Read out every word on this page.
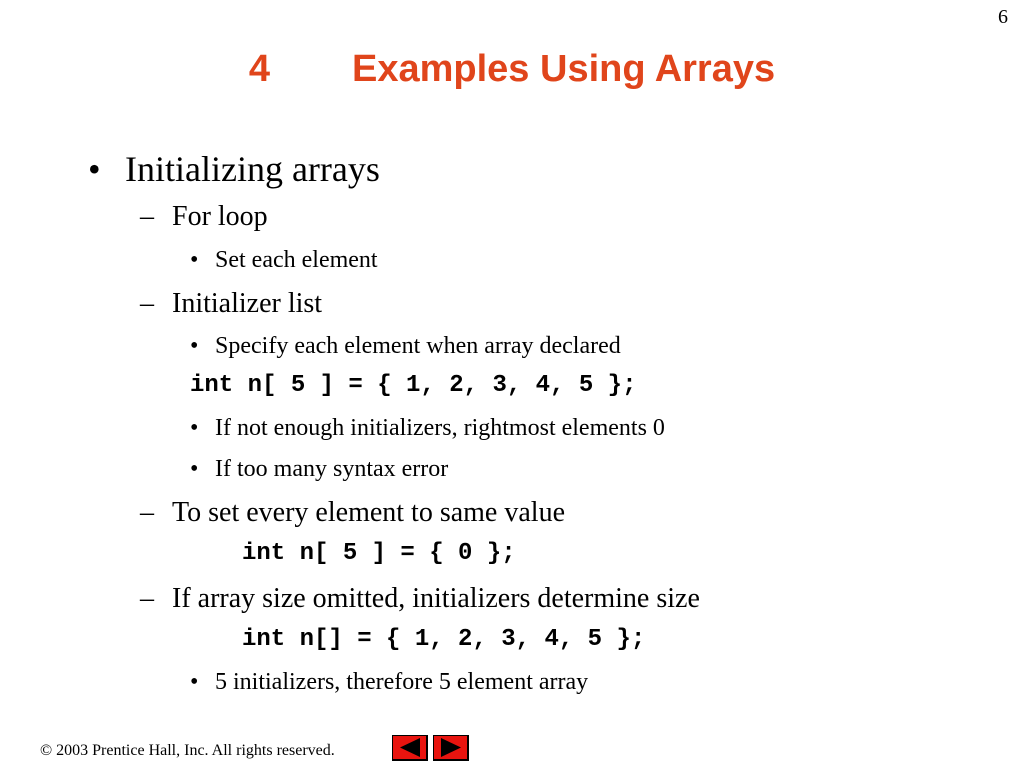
6
4 Examples Using Arrays
• Initializing arrays
– For loop
• Set each element
– Initializer list
• Specify each element when array declared
int n[ 5 ] = { 1, 2, 3, 4, 5 };
• If not enough initializers, rightmost elements 0
• If too many syntax error
– To set every element to same value
int n[ 5 ] = { 0 };
– If array size omitted, initializers determine size
int n[] = { 1, 2, 3, 4, 5 };
• 5 initializers, therefore 5 element array
© 2003 Prentice Hall, Inc. All rights reserved.
